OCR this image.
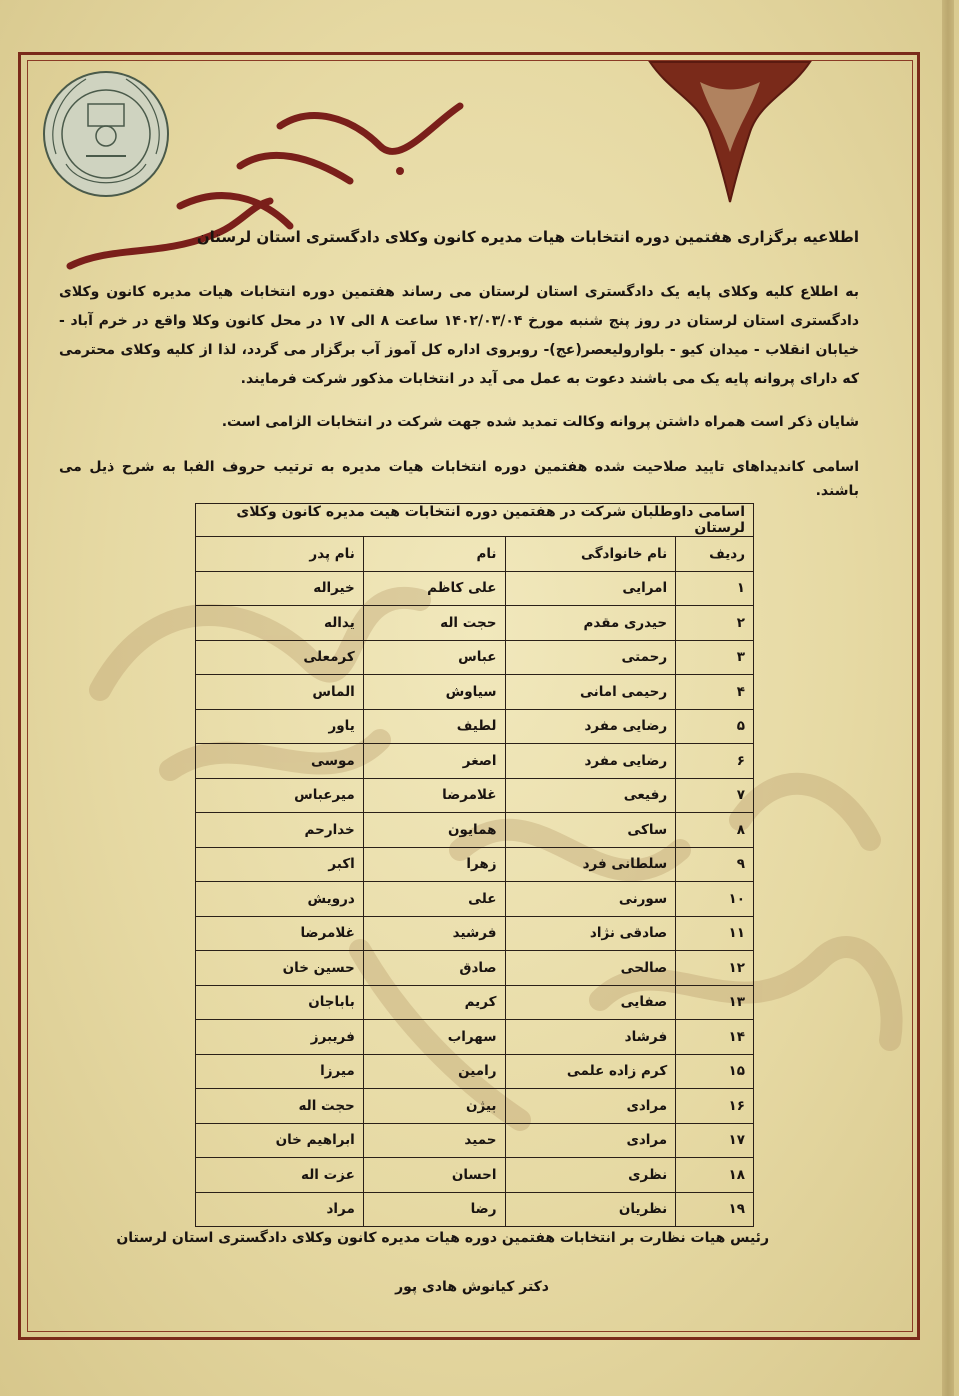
اطلاعیه برگزاری هفتمین دوره انتخابات هیات مدیره کانون وکلای دادگستری استان لرستان
به اطلاع کلیه وکلای پایه یک دادگستری استان لرستان می رساند هفتمین دوره انتخابات هیات مدیره کانون وکلای دادگستری استان لرستان در روز پنج شنبه مورخ ۱۴۰۲/۰۳/۰۴ ساعت ۸ الی ۱۷ در محل کانون وکلا واقع در خرم آباد - خیابان انقلاب - میدان کیو - بلوارولیعصر(عج)- روبروی اداره کل آموز آب برگزار می گردد، لذا از کلیه وکلای محترمی که دارای پروانه پایه یک می باشند دعوت به عمل می آید در انتخابات مذکور شرکت فرمایند.
شایان ذکر است همراه داشتن پروانه وکالت تمدید شده جهت شرکت در انتخابات الزامی است.
اسامی کاندیداهای تایید صلاحیت شده هفتمین دوره انتخابات هیات مدیره به ترتیب حروف الفبا به شرح ذیل می باشند.
اسامی داوطلبان شرکت در هفتمین دوره انتخابات هیت مدیره کانون وکلای لرستان			
ردیف	نام خانوادگی	نام	نام پدر
۱	امرایی	علی کاظم	خیراله
۲	حیدری مقدم	حجت اله	یداله
۳	رحمتی	عباس	کرمعلی
۴	رحیمی امانی	سیاوش	الماس
۵	رضایی مفرد	لطیف	یاور
۶	رضایی مفرد	اصغر	موسی
۷	رفیعی	غلامرضا	میرعباس
۸	ساکی	همایون	خدارحم
۹	سلطانی فرد	زهرا	اکبر
۱۰	سورنی	علی	درویش
۱۱	صادقی نژاد	فرشید	غلامرضا
۱۲	صالحی	صادق	حسین خان
۱۳	صفایی	کریم	باباجان
۱۴	فرشاد	سهراب	فریبرز
۱۵	کرم زاده علمی	رامین	میرزا
۱۶	مرادی	بیژن	حجت اله
۱۷	مرادی	حمید	ابراهیم خان
۱۸	نظری	احسان	عزت اله
۱۹	نظریان	رضا	مراد
رئیس هیات نظارت بر انتخابات هفتمین دوره هیات مدیره کانون وکلای دادگستری استان لرستان
دکتر کیانوش هادی پور
